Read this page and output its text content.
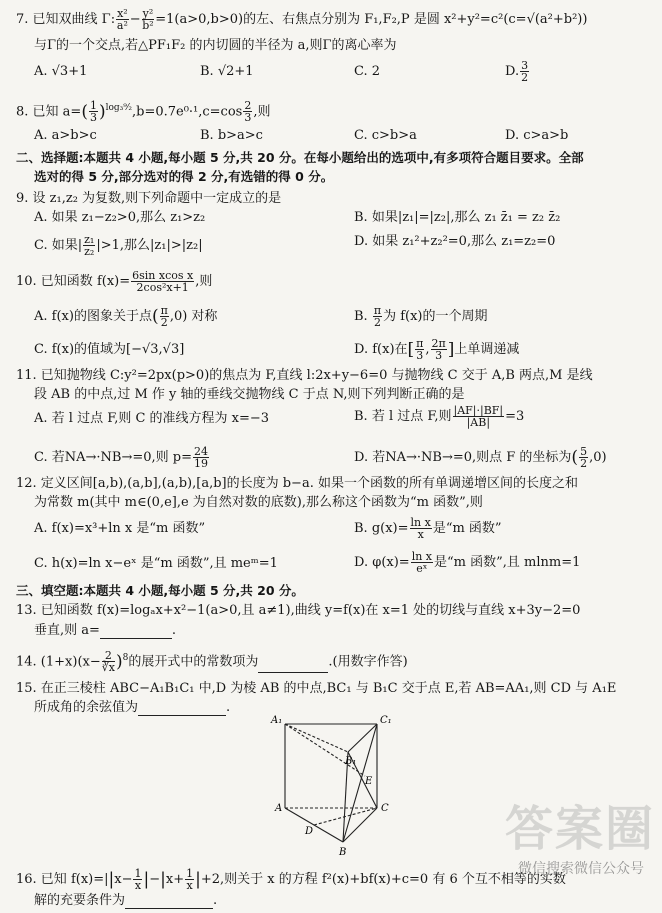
7. 已知双曲线 Γ: $\frac{\text{x²}}{\text{a²}} - \frac{\text{y²}}{\text{b²}} =1(a>0,b>0)$的左、右焦点分别为 F₁,F₂,P 是圆 x²+y²=c²(c=√(a²+b²))
与Γ的一个交点,若△PF₁F₂ 的内切圆的半径为 a,则Γ的离心率为
A. √3+1	B. √2+1	C. 2	D. $\frac{3}{2}$
8. 已知 $a=( \frac{1}{3} )^{log_3^9⁄_2},b=0.7e^0\cdot^1,c=\cos \frac{2}{3}$ ,则
A. a>b>c	B. b>a>c	C. c>b>a	D. c>a>b
二、选择题:本题共 4 小题,每小题 5 分,共 20 分。在每小题给出的选项中,有多项符合题目要求。全部
选对的得 5 分,部分选对的得 2 分,有选错的得 0 分。
9. 设 z₁,z₂ 为复数,则下列命题中一定成立的是
A. 如果 z₁−z₂>0,那么 z₁>z₂	B. 如果|z₁|=|z₂|,那么 z₁ z̄₁ = z₂ z̄₂
C. 如果| $\frac{\text{z₁}}{\text{z₂}} |>1$,那么|z₁|>|z₂|	D. 如果 z₁²+z₂²=0,那么 z₁=z₂=0
10. 已知函数 $f(x)= \frac{\text{6sin xcos x}}{\text{2cos²x+1}}$ ,则
A. f(x)的图象关于点( $\frac{\pi}{2} ,0$) 对称	B. $\frac{\pi}{2}$ 为 f(x)的一个周期
C. f(x)的值域为[−√3,√3]	D. f(x)在[ $\frac{\pi}{3}$ , $\frac{2\pi}{3}$ ]上单调递减
11. 已知抛物线 C:y²=2px(p>0)的焦点为 F,直线 l:2x+y−6=0 与抛物线 C 交于 A,B 两点,M 是线
段 AB 的中点,过 M 作 y 轴的垂线交抛物线 C 于点 N,则下列判断正确的是
A. 若 l 过点 F,则 C 的准线方程为 x=−3	B. 若 l 过点 F,则 $\frac{|AF|\cdot|BF|}{|AB|} =3$
C. 若NA→·NB→=0,则 $p= \frac{24}{19}$	D. 若NA→·NB→=0,则点 F 的坐标为( $\frac{5}{2} ,0$)
12. 定义区间[a,b),(a,b],(a,b),[a,b]的长度为 b−a. 如果一个函数的所有单调递增区间的长度之和
为常数 m(其中 m∈(0,e],e 为自然对数的底数),那么称这个函数为“m 函数”,则
A. f(x)=x³+ln x 是“m 函数”	B. $g(x)= \frac{\text{ln x}}{x}$ 是“m 函数”
C. h(x)=ln x−eˣ 是“m 函数”,且 meᵐ=1	D. $\varphi(x)= \frac{\text{ln x}}{\text{eˣ}}$ 是“m 函数”,且 mlnm=1
三、填空题:本题共 4 小题,每小题 5 分,共 20 分。
13. 已知函数 f(x)=logₐx+x²−1(a>0,且 a≠1),曲线 y=f(x)在 x=1 处的切线与直线 x+3y−2=0
垂直,则 a=	.
14. $(1+x)(x- \frac{2}{∛x} )^8$的展开式中的常数项为	.(用数字作答)
15. 在正三棱柱 ABC−A₁B₁C₁ 中,D 为棱 AB 的中点,BC₁ 与 B₁C 交于点 E,若 AB=AA₁,则 CD 与 A₁E
所成角的余弦值为	.
A₁	C₁
B₁
E
A	C
D
B	答案圈
16. 已知 $f(x)=||x- \frac{1}{x} |-|x+ \frac{1}{x} |+2$,则关于 x 的方程 f²(x)+bf(x)+c=0 有 6 个互不相等的实数
解的充要条件为	.
微信搜索微信公众号
